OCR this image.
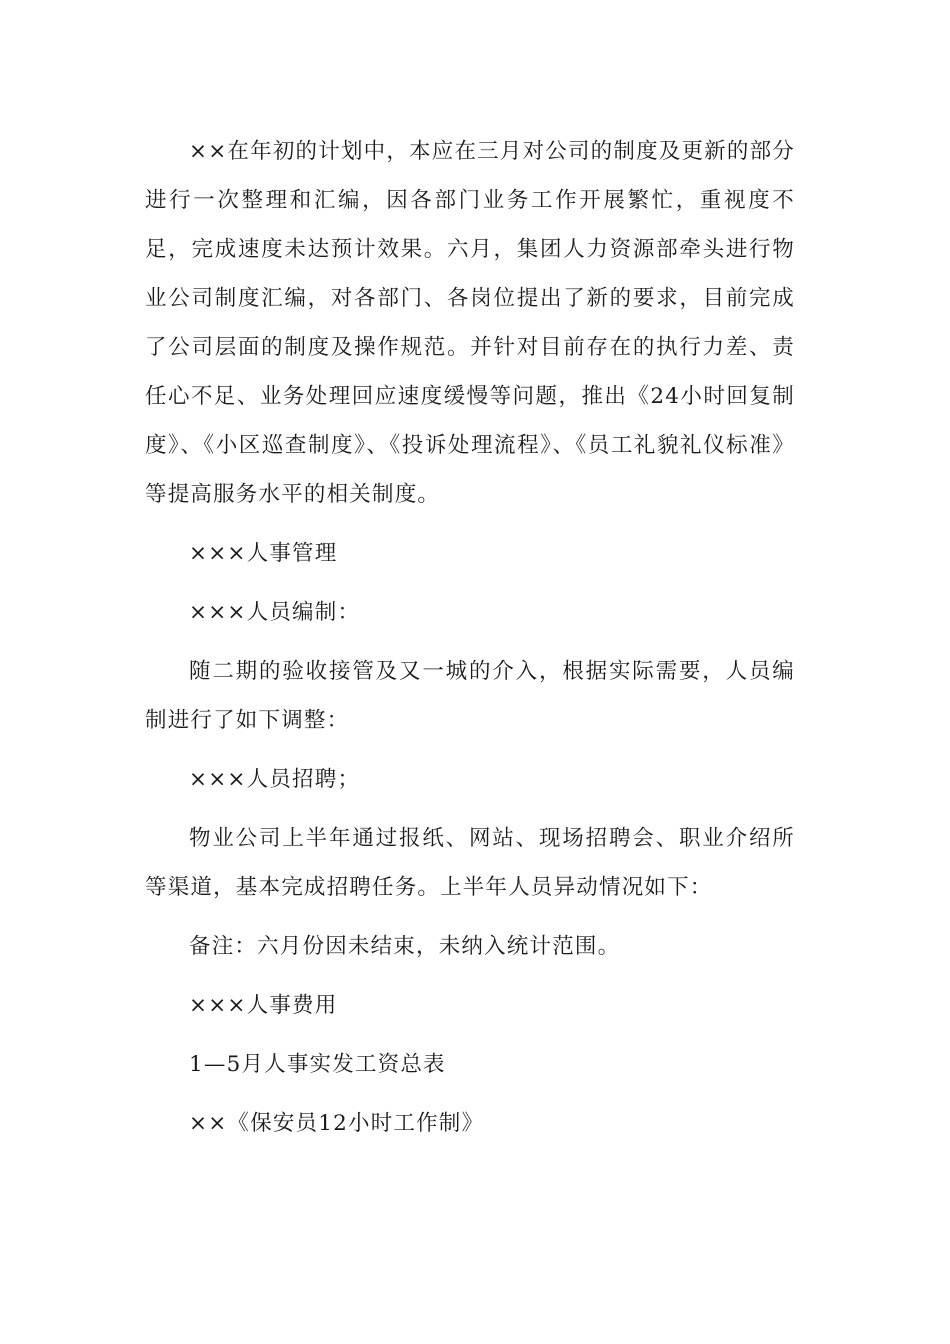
××在年初的计划中，本应在三月对公司的制度及更新的部分进行一次整理和汇编，因各部门业务工作开展繁忙，重视度不足，完成速度未达预计效果。六月，集团人力资源部牵头进行物业公司制度汇编，对各部门、各岗位提出了新的要求，目前完成了公司层面的制度及操作规范。并针对目前存在的执行力差、责任心不足、业务处理回应速度缓慢等问题，推出《24小时回复制度》、《小区巡查制度》、《投诉处理流程》、《员工礼貌礼仪标准》等提高服务水平的相关制度。

×××人事管理

×××人员编制：

随二期的验收接管及又一城的介入，根据实际需要，人员编制进行了如下调整：

×××人员招聘；

物业公司上半年通过报纸、网站、现场招聘会、职业介绍所等渠道，基本完成招聘任务。上半年人员异动情况如下：

备注：六月份因未结束，未纳入统计范围。

×××人事费用

1—5月人事实发工资总表

××《保安员12小时工作制》
